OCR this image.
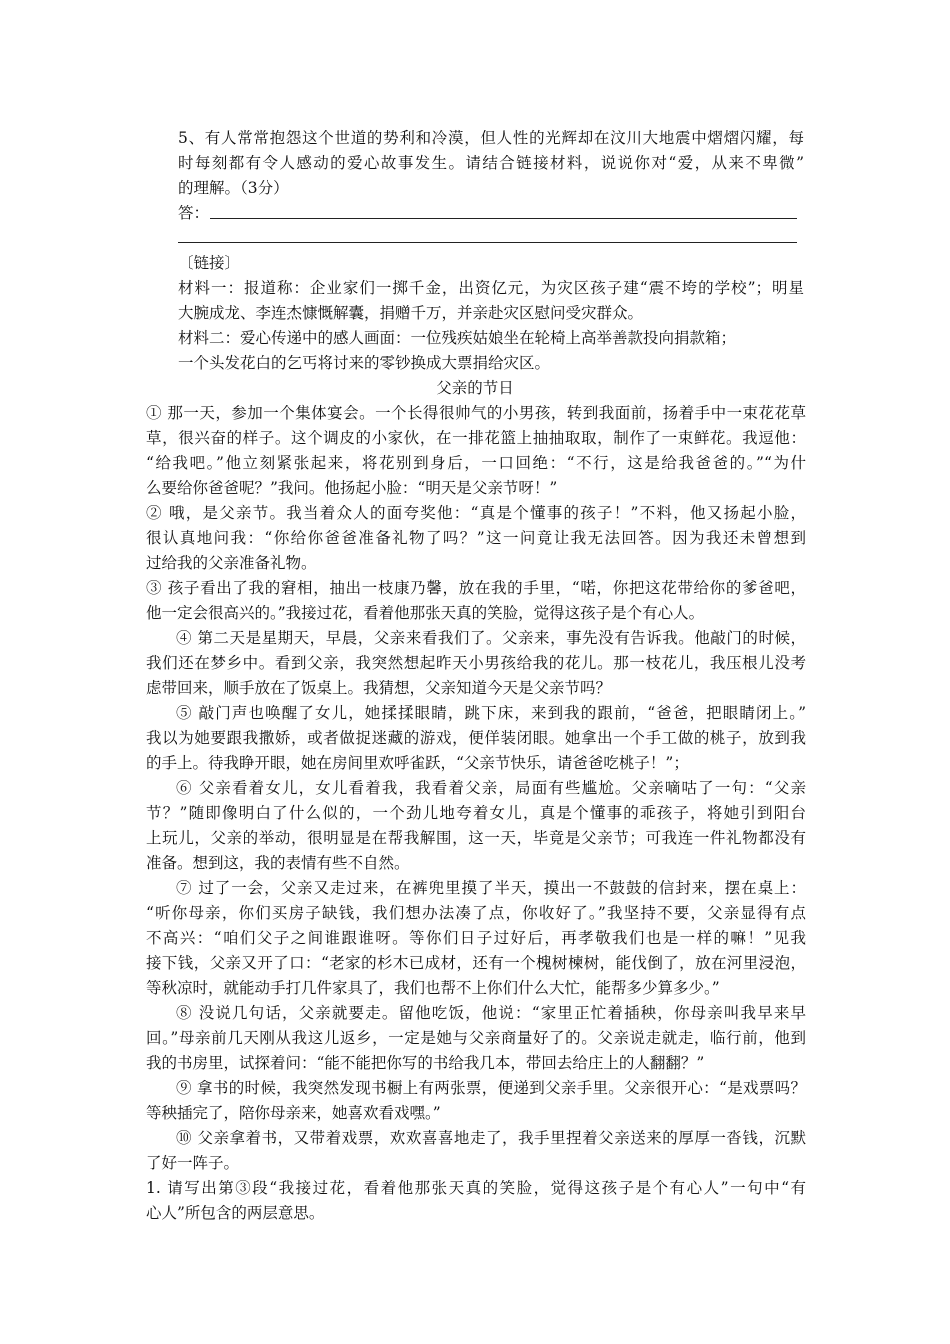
5、有人常常抱怨这个世道的势利和冷漠，但人性的光辉却在汶川大地震中熠熠闪耀，每
时每刻都有令人感动的爱心故事发生。请结合链接材料，说说你对“爱，从来不卑微”
的理解。（3分）
答：
〔链接〕
材料一：报道称：企业家们一掷千金，出资亿元，为灾区孩子建“震不垮的学校”；明星
大腕成龙、李连杰慷慨解囊，捐赠千万，并亲赴灾区慰问受灾群众。
材料二：爱心传递中的感人画面：一位残疾姑娘坐在轮椅上高举善款投向捐款箱；
一个头发花白的乞丐将讨来的零钞换成大票捐给灾区。
父亲的节日
① 那一天，参加一个集体宴会。一个长得很帅气的小男孩，转到我面前，扬着手中一束花花草
草，很兴奋的样子。这个调皮的小家伙，在一排花篮上抽抽取取，制作了一束鲜花。我逗他：
“给我吧。”他立刻紧张起来，将花别到身后，一口回绝：“不行，这是给我爸爸的。”“为什
么要给你爸爸呢？”我问。他扬起小脸：“明天是父亲节呀！”
② 哦，是父亲节。我当着众人的面夸奖他：“真是个懂事的孩子！”不料，他又扬起小脸，
很认真地问我：“你给你爸爸准备礼物了吗？”这一问竟让我无法回答。因为我还未曾想到
过给我的父亲准备礼物。
③ 孩子看出了我的窘相，抽出一枝康乃馨，放在我的手里，“喏，你把这花带给你的爹爸吧，
他一定会很高兴的。”我接过花，看着他那张天真的笑脸，觉得这孩子是个有心人。
④ 第二天是星期天，早晨，父亲来看我们了。父亲来，事先没有告诉我。他敲门的时候，
我们还在梦乡中。看到父亲，我突然想起昨天小男孩给我的花儿。那一枝花儿，我压根儿没考
虑带回来，顺手放在了饭桌上。我猜想，父亲知道今天是父亲节吗？
⑤ 敲门声也唤醒了女儿，她揉揉眼睛，跳下床，来到我的跟前，“爸爸，把眼睛闭上。”
我以为她要跟我撒娇，或者做捉迷藏的游戏，便佯装闭眼。她拿出一个手工做的桃子，放到我
的手上。待我睁开眼，她在房间里欢呼雀跃，“父亲节快乐，请爸爸吃桃子！”；
⑥ 父亲看着女儿，女儿看着我，我看着父亲，局面有些尴尬。父亲嘀咕了一句：“父亲
节？”随即像明白了什么似的，一个劲儿地夸着女儿，真是个懂事的乖孩子，将她引到阳台
上玩儿，父亲的举动，很明显是在帮我解围，这一天，毕竟是父亲节；可我连一件礼物都没有
准备。想到这，我的表情有些不自然。
⑦ 过了一会，父亲又走过来，在裤兜里摸了半天，摸出一不鼓鼓的信封来，摆在桌上：
“听你母亲，你们买房子缺钱，我们想办法凑了点，你收好了。”我坚持不要，父亲显得有点
不高兴：“咱们父子之间谁跟谁呀。等你们日子过好后，再孝敬我们也是一样的嘛！”见我
接下钱，父亲又开了口：“老家的杉木已成材，还有一个槐树楝树，能伐倒了，放在河里浸泡，
等秋凉时，就能动手打几件家具了，我们也帮不上你们什么大忙，能帮多少算多少。”
⑧ 没说几句话，父亲就要走。留他吃饭，他说：“家里正忙着插秧，你母亲叫我早来早
回。”母亲前几天刚从我这儿返乡，一定是她与父亲商量好了的。父亲说走就走，临行前，他到
我的书房里，试探着问：“能不能把你写的书给我几本，带回去给庄上的人翻翻？”
⑨ 拿书的时候，我突然发现书橱上有两张票，便递到父亲手里。父亲很开心：“是戏票吗？
等秧插完了，陪你母亲来，她喜欢看戏嘿。”
⑩ 父亲拿着书，又带着戏票，欢欢喜喜地走了，我手里捏着父亲送来的厚厚一沓钱，沉默
了好一阵子。
1. 请写出第③段“我接过花，看着他那张天真的笑脸，觉得这孩子是个有心人”一句中“有
心人”所包含的两层意思。
